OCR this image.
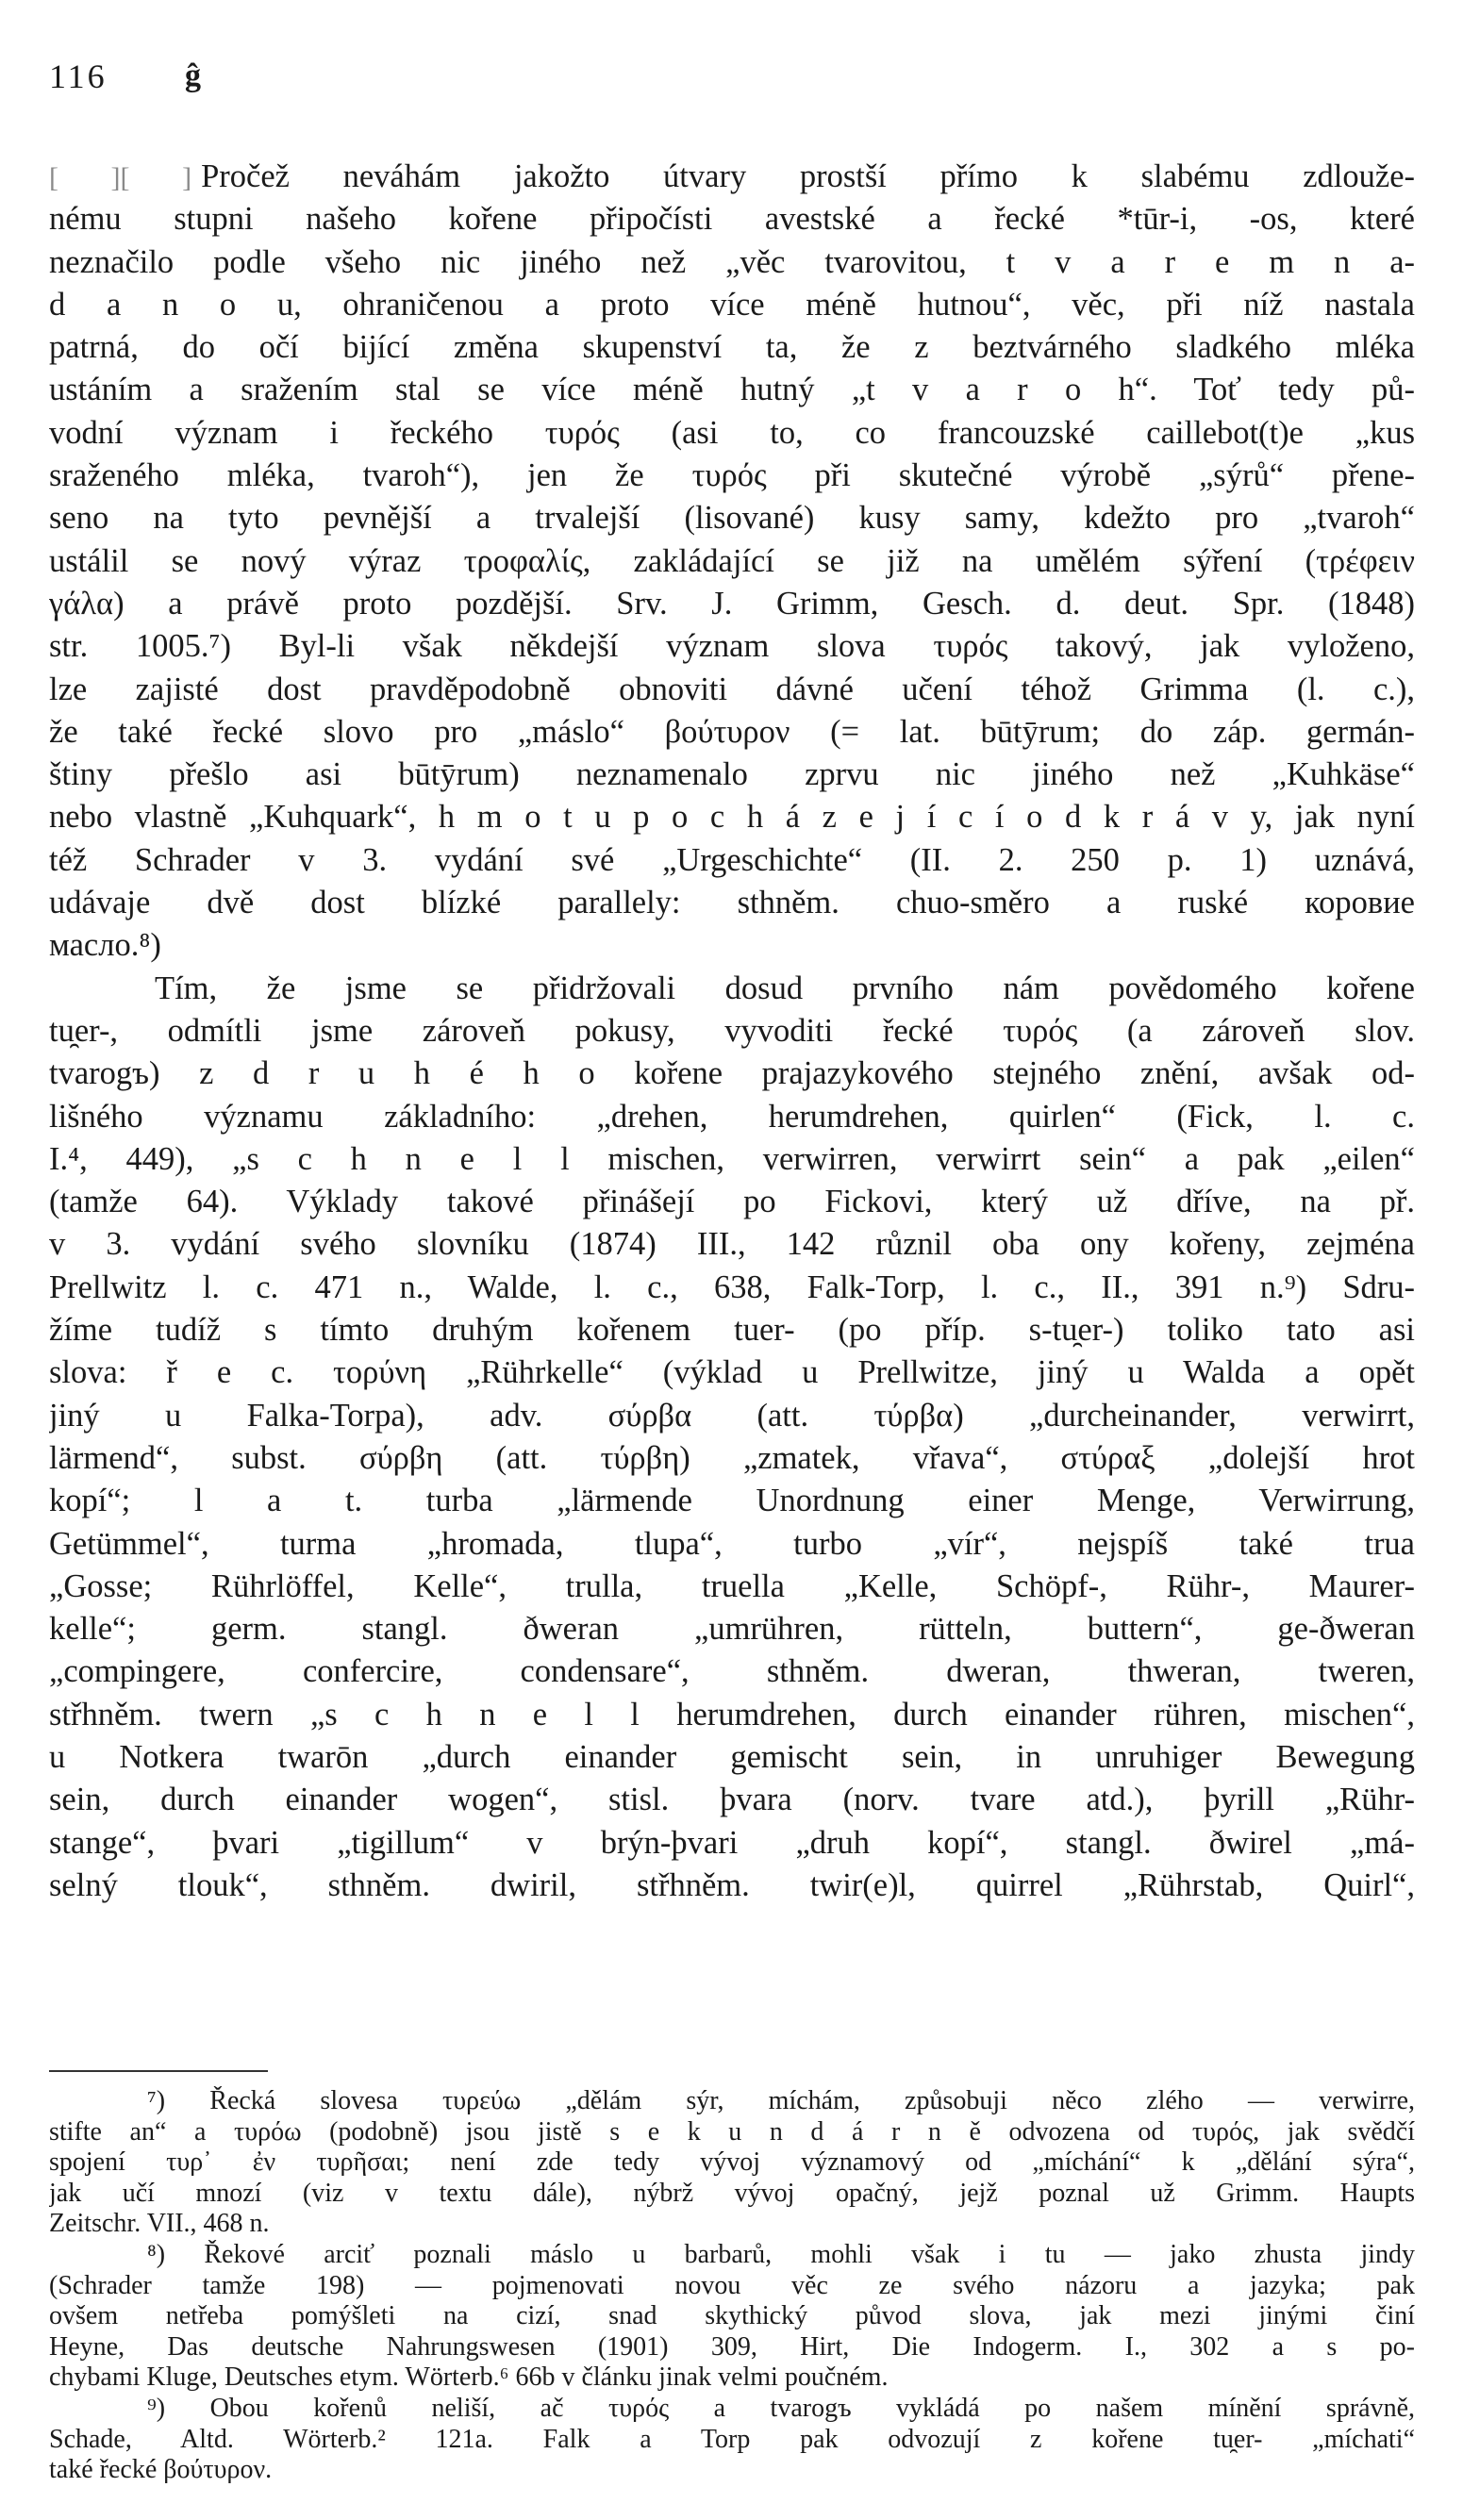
116 ĝ
[ ][ ] Pročež neváhám jakožto útvary prostší přímo k slabému zdlouže-
nému stupni našeho kořene připočísti avestské a řecké *tūr-i, -os, které
neznačilo podle všeho nic jiného než „věc tvarovitou, t v a r e m n a-
d a n o u, ohraničenou a proto více méně hutnou“, věc, při níž nastala
patrná, do očí bijící změna skupenství ta, že z beztvárného sladkého mléka
ustáním a sražením stal se více méně hutný „t v a r o h“. Toť tedy pů-
vodní význam i řeckého τυρός (asi to, co francouzské caillebot(t)e „kus
sraženého mléka, tvaroh“), jen že τυρός při skutečné výrobě „sýrů“ přene-
seno na tyto pevnější a trvalejší (lisované) kusy samy, kdežto pro „tvaroh“
ustálil se nový výraz τροφαλίς, zakládající se již na umělém sýření (τρέφειν
γάλα) a právě proto pozdější. Srv. J. Grimm, Gesch. d. deut. Spr. (1848)
str. 1005.⁷) Byl-li však někdejší význam slova τυρός takový, jak vyloženo,
lze zajisté dost pravděpodobně obnoviti dávné učení téhož Grimma (l. c.),
že také řecké slovo pro „máslo“ βούτυρον (= lat. būtȳrum; do záp. germán-
štiny přešlo asi būtȳrum) neznamenalo zprvu nic jiného než „Kuhkäse“
nebo vlastně „Kuhquark“, h m o t u p o c h á z e j í c í o d k r á v y, jak nyní
též Schrader v 3. vydání své „Urgeschichte“ (II. 2. 250 p. 1) uznává,
udávaje dvě dost blízké parallely: sthněm. chuo-směro a ruské коровие
масло.⁸)
Tím, že jsme se přidržovali dosud prvního nám povědomého kořene
tu̯er-, odmítli jsme zároveň pokusy, vyvoditi řecké τυρός (a zároveň slov.
tvarogъ) z d r u h é h o kořene prajazykového stejného znění, avšak od-
lišného významu základního: „drehen, herumdrehen, quirlen“ (Fick, l. c.
I.⁴, 449), „s c h n e l l mischen, verwirren, verwirrt sein“ a pak „eilen“
(tamže 64). Výklady takové přinášejí po Fickovi, který už dříve, na př.
v 3. vydání svého slovníku (1874) III., 142 různil oba ony kořeny, zejména
Prellwitz l. c. 471 n., Walde, l. c., 638, Falk-Torp, l. c., II., 391 n.⁹) Sdru-
žíme tudíž s tímto druhým kořenem tuer- (po příp. s-tu̯er-) toliko tato asi
slova: ř e c. τορύνη „Rührkelle“ (výklad u Prellwitze, jiný u Walda a opět
jiný u Falka-Torpa), adv. σύρβα (att. τύρβα) „durcheinander, verwirrt,
lärmend“, subst. σύρβη (att. τύρβη) „zmatek, vřava“, στύραξ „dolejší hrot
kopí“; l a t. turba „lärmende Unordnung einer Menge, Verwirrung,
Getümmel“, turma „hromada, tlupa“, turbo „vír“, nejspíš také trua
„Gosse; Rührlöffel, Kelle“, trulla, truella „Kelle, Schöpf-, Rühr-, Maurer-
kelle“; germ. stangl. ðweran „umrühren, rütteln, buttern“, ge-ðweran
„compingere, confercire, condensare“, sthněm. dweran, thweran, tweren,
střhněm. twern „s c h n e l l herumdrehen, durch einander rühren, mischen“,
u Notkera twarōn „durch einander gemischt sein, in unruhiger Bewegung
sein, durch einander wogen“, stisl. þvara (norv. tvare atd.), þyrill „Rühr-
stange“, þvari „tigillum“ v brýn-þvari „druh kopí“, stangl. ðwirel „má-
selný tlouk“, sthněm. dwiril, střhněm. twir(e)l, quirrel „Rührstab, Quirl“,
⁷) Řecká slovesa τυρεύω „dělám sýr, míchám, způsobuji něco zlého — verwirre,
stifte an“ a τυρόω (podobně) jsou jistě s e k u n d á r n ě odvozena od τυρός, jak svědčí
spojení τυρ᾽ ἐν τυρῆσαι; není zde tedy vývoj významový od „míchání“ k „dělání sýra“,
jak učí mnozí (viz v textu dále), nýbrž vývoj opačný, jejž poznal už Grimm. Haupts
Zeitschr. VII., 468 n.
⁸) Řekové arciť poznali máslo u barbarů, mohli však i tu — jako zhusta jindy
(Schrader tamže 198) — pojmenovati novou věc ze svého názoru a jazyka; pak
ovšem netřeba pomýšleti na cizí, snad skythický původ slova, jak mezi jinými činí
Heyne, Das deutsche Nahrungswesen (1901) 309, Hirt, Die Indogerm. I., 302 a s po-
chybami Kluge, Deutsches etym. Wörterb.⁶ 66b v článku jinak velmi poučném.
⁹) Obou kořenů neliší, ač τυρός a tvarogъ vykládá po našem mínění správně,
Schade, Altd. Wörterb.² 121a. Falk a Torp pak odvozují z kořene tu̯er- „míchati“
také řecké βούτυρον.
